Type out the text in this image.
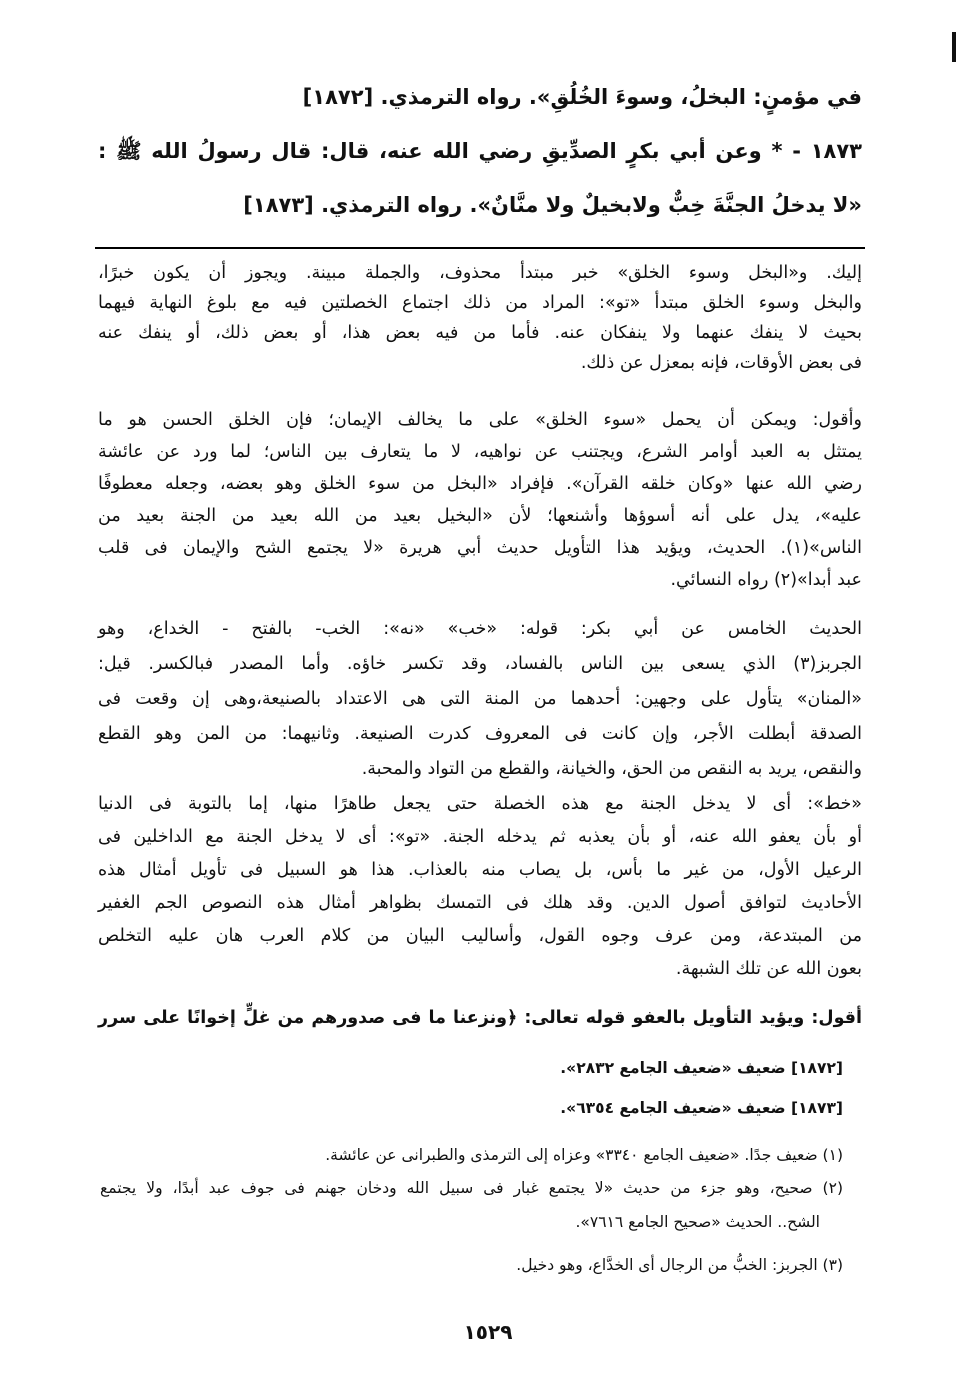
في مؤمنٍ: البخلُ، وسوءَ الخُلُقِ». رواه الترمذي. [١٨٧٢]
١٨٧٣ - * وعن أبي بكرٍ الصدِّيقِ رضي الله عنه، قال: قال رسولُ الله ﷺ :
«لا يدخلُ الجنَّةَ خِبٌّ ولابخيلٌ ولا منَّانٌ». رواه الترمذي. [١٨٧٣]
إليك. و«البخل وسوء الخلق» خبر مبتدأ محذوف، والجملة مبينة. ويجوز أن يكون خبرًا،
والبخل وسوء الخلق مبتدأ «تو»: المراد من ذلك اجتماع الخصلتين فيه مع بلوغ النهاية فيهما
بحيث لا ينفك عنهما ولا ينفكان عنه. فأما من فيه بعض هذا، أو بعض ذلك، أو ينفك عنه
فى بعض الأوقات، فإنه بمعزل عن ذلك.
وأقول: ويمكن أن يحمل «سوء الخلق» على ما يخالف الإيمان؛ فإن الخلق الحسن هو ما
يمتثل به العبد أوامر الشرع، ويجتنب عن نواهيه، لا ما يتعارف بين الناس؛ لما ورد عن عائشة
رضي الله عنها «وكان خلقه القرآن». فإفراد «البخل من سوء الخلق وهو بعضه، وجعله معطوفًا
عليه»، يدل على أنه أسوؤها وأشنعها؛ لأن «البخيل بعيد من الله بعيد من الجنة بعيد من
الناس»(١). الحديث، ويؤيد هذا التأويل حديث أبي هريرة «لا يجتمع الشح والإيمان فى قلب
عبد أبدا»(٢) رواه النسائي.
الحديث الخامس عن أبي بكر: قوله: «خب» «نه»: الخب- بالفتح - الخداع، وهو
الجربز(٣) الذي يسعى بين الناس بالفساد، وقد تكسر خاؤه. وأما المصدر فبالكسر. قيل:
«المنان» يتأول على وجهين: أحدهما من المنة التى هى الاعتداد بالصنيعة،وهى إن وقعت فى
الصدقة أبطلت الأجر، وإن كانت فى المعروف كدرت الصنيعة. وثانيهما: من المن وهو القطع
والنقص، يريد به النقص من الحق، والخيانة، والقطع من التواد والمحبة.
«خط»: أى لا يدخل الجنة مع هذه الخصلة حتى يجعل طاهرًا منها، إما بالتوبة فى الدنيا
أو بأن يعفو الله عنه، أو بأن يعذبه ثم يدخله الجنة. «تو»: أى لا يدخل الجنة مع الداخلين فى
الرعيل الأول، من غير ما بأس، بل يصاب منه بالعذاب. هذا هو السبيل فى تأويل أمثال هذه
الأحاديث لتوافق أصول الدين. وقد هلك فى التمسك بظواهر أمثال هذه النصوص الجم الغفير
من المبتدعة، ومن عرف وجوه القول، وأساليب البيان من كلام العرب هان عليه التخلص
بعون الله عن تلك الشبهة.
أقول: ويؤيد التأويل بالعفو قوله تعالى: ﴿ونزعنا ما فى صدورهم من غلٍّ إخوانًا على سرر
[١٨٧٢] ضعيف «ضعيف الجامع ٢٨٣٢».
[١٨٧٣] ضعيف «ضعيف الجامع ٦٣٥٤».
(١) ضعيف جدًا. «ضعيف الجامع ٣٣٤٠» وعزاه إلى الترمذى والطبرانى عن عائشة.
(٢) صحيح، وهو جزء من حديث «لا يجتمع غبار فى سبيل الله ودخان جهنم فى جوف عبد أبدًا، ولا يجتمع
الشح.. الحديث «صحيح الجامع ٧٦١٦».
(٣) الجربز: الخبُّ من الرجال أى الخدَّاع، وهو دخيل.
١٥٢٩
